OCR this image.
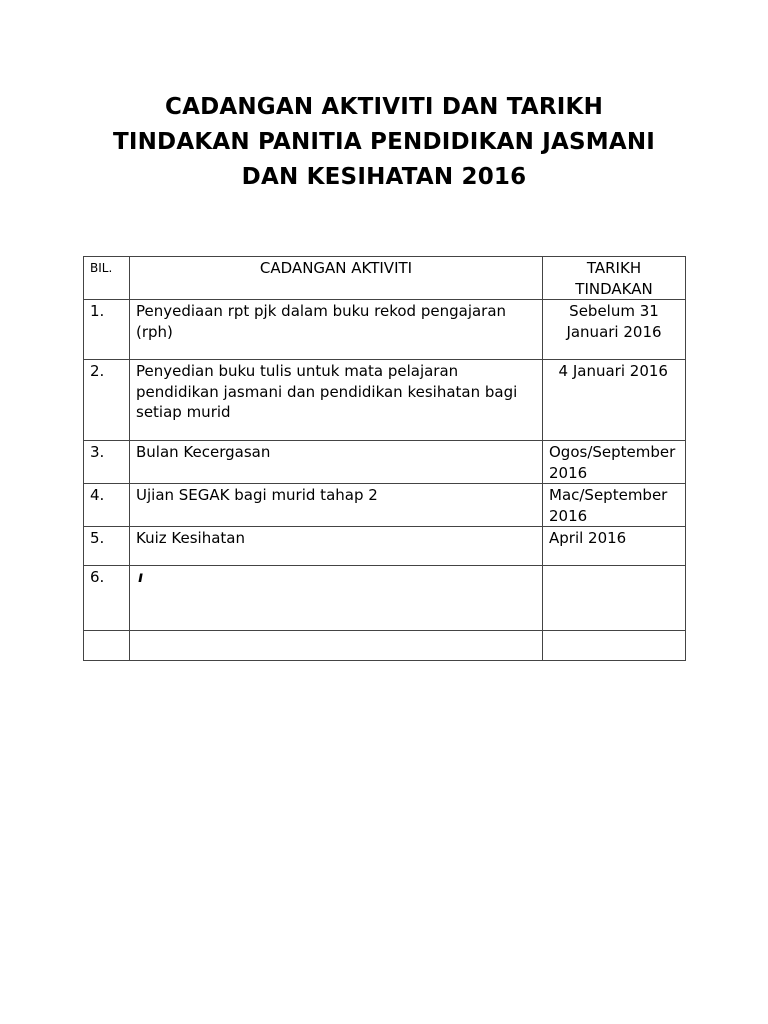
CADANGAN AKTIVITI DAN TARIKH
TINDAKAN PANITIA PENDIDIKAN JASMANI
DAN KESIHATAN 2016
BIL.	CADANGAN AKTIVITI	TARIKH TINDAKAN
1.	Penyediaan rpt pjk dalam buku rekod pengajaran (rph)	Sebelum 31 Januari 2016
2.	Penyedian buku tulis untuk mata pelajaran pendidikan jasmani dan pendidikan kesihatan bagi setiap murid	4 Januari 2016
3.	Bulan Kecergasan	Ogos/September 2016
4.	Ujian SEGAK bagi murid tahap 2	Mac/September 2016
5.	Kuiz Kesihatan	April 2016
6.	ı	
